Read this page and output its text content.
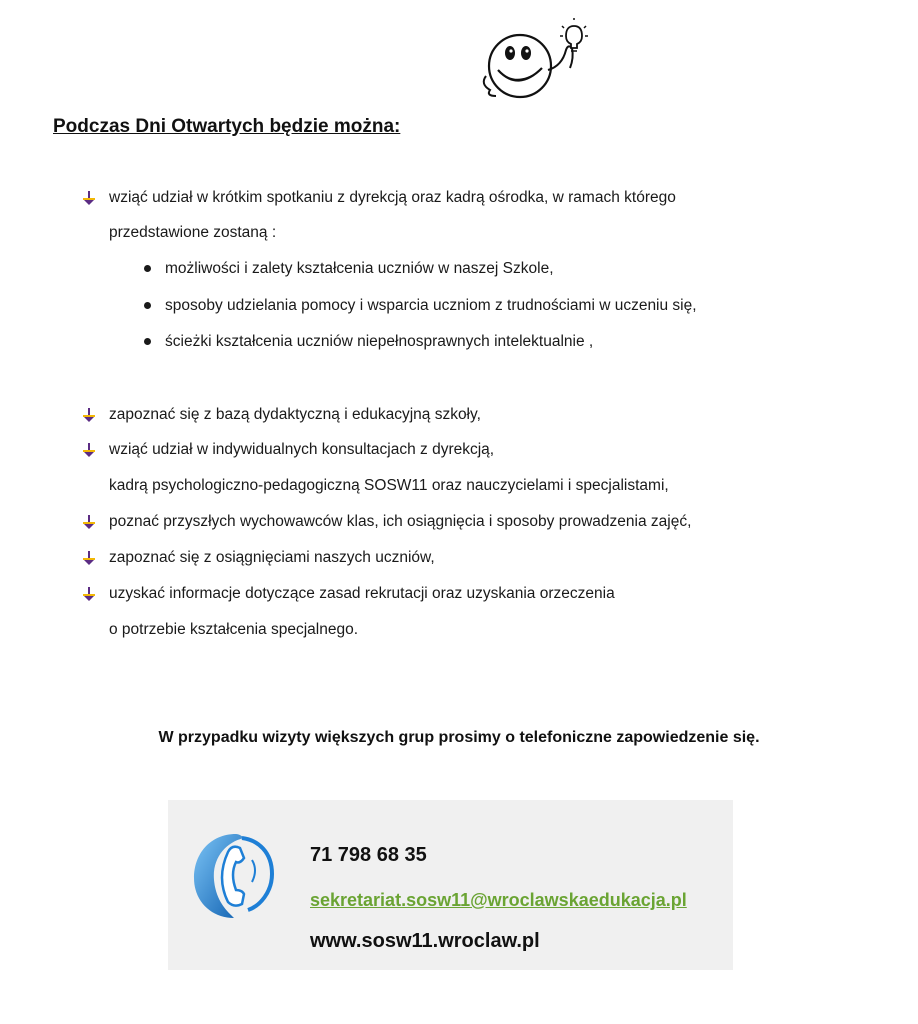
Podczas Dni Otwartych będzie można:
wziąć udział w krótkim spotkaniu z dyrekcją oraz kadrą ośrodka, w ramach którego
przedstawione zostaną :
możliwości i zalety kształcenia uczniów w naszej Szkole,
sposoby udzielania pomocy i wsparcia uczniom z trudnościami w uczeniu się,
ścieżki kształcenia uczniów niepełnosprawnych intelektualnie ,
zapoznać się z bazą dydaktyczną i edukacyjną szkoły,
wziąć udział w indywidualnych konsultacjach z dyrekcją,
kadrą psychologiczno-pedagogiczną SOSW11 oraz nauczycielami i specjalistami,
poznać przyszłych wychowawców klas, ich osiągnięcia i sposoby prowadzenia zajęć,
zapoznać się z osiągnięciami naszych uczniów,
uzyskać informacje dotyczące zasad rekrutacji oraz uzyskania orzeczenia
o potrzebie kształcenia specjalnego.
W przypadku wizyty większych grup prosimy o telefoniczne zapowiedzenie się.
71 798 68 35
sekretariat.sosw11@wroclawskaedukacja.pl
www.sosw11.wroclaw.pl
